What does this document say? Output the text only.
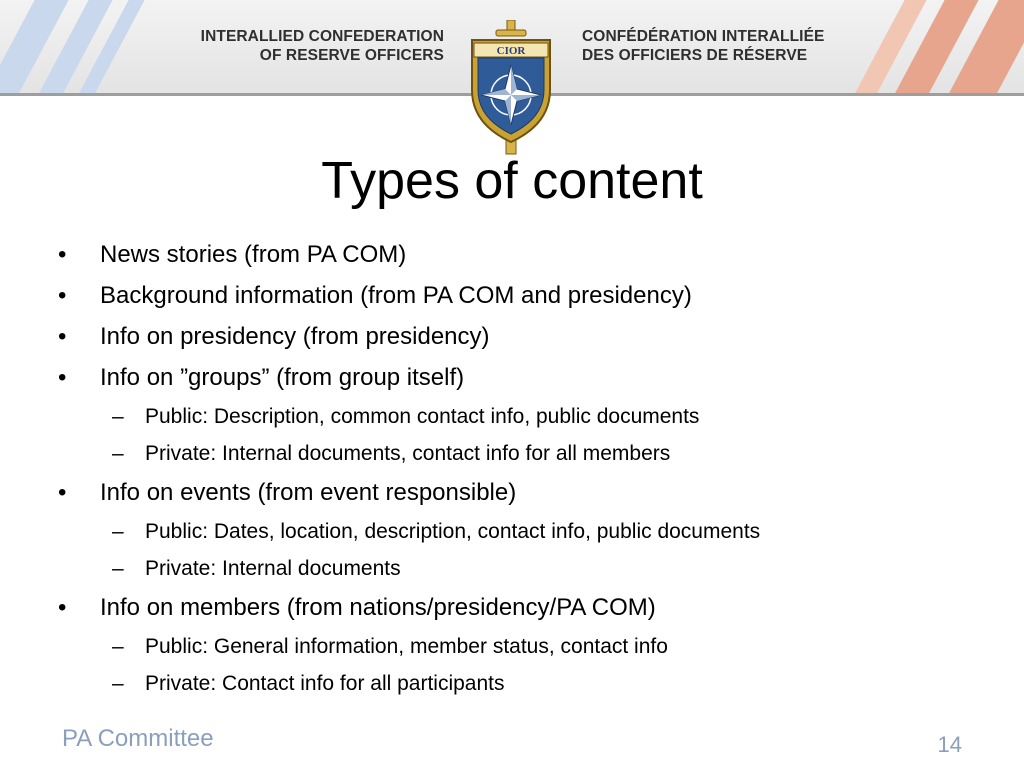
INTERALLIED CONFEDERATION
OF RESERVE OFFICERS
CONFÉDÉRATION INTERALLIÉE
DES OFFICIERS DE RÉSERVE
CIOR
Types of content
•	News stories (from PA COM)
•	Background information (from PA COM and presidency)
•	Info on presidency (from presidency)
•	Info on ”groups” (from group itself)
–	Public: Description, common contact info, public documents
–	Private: Internal documents, contact info for all members
•	Info on events (from event responsible)
–	Public: Dates, location, description, contact info, public documents
–	Private: Internal documents
•	Info on members (from nations/presidency/PA COM)
–	Public: General information, member status, contact info
–	Private: Contact info for all participants
PA Committee	14
